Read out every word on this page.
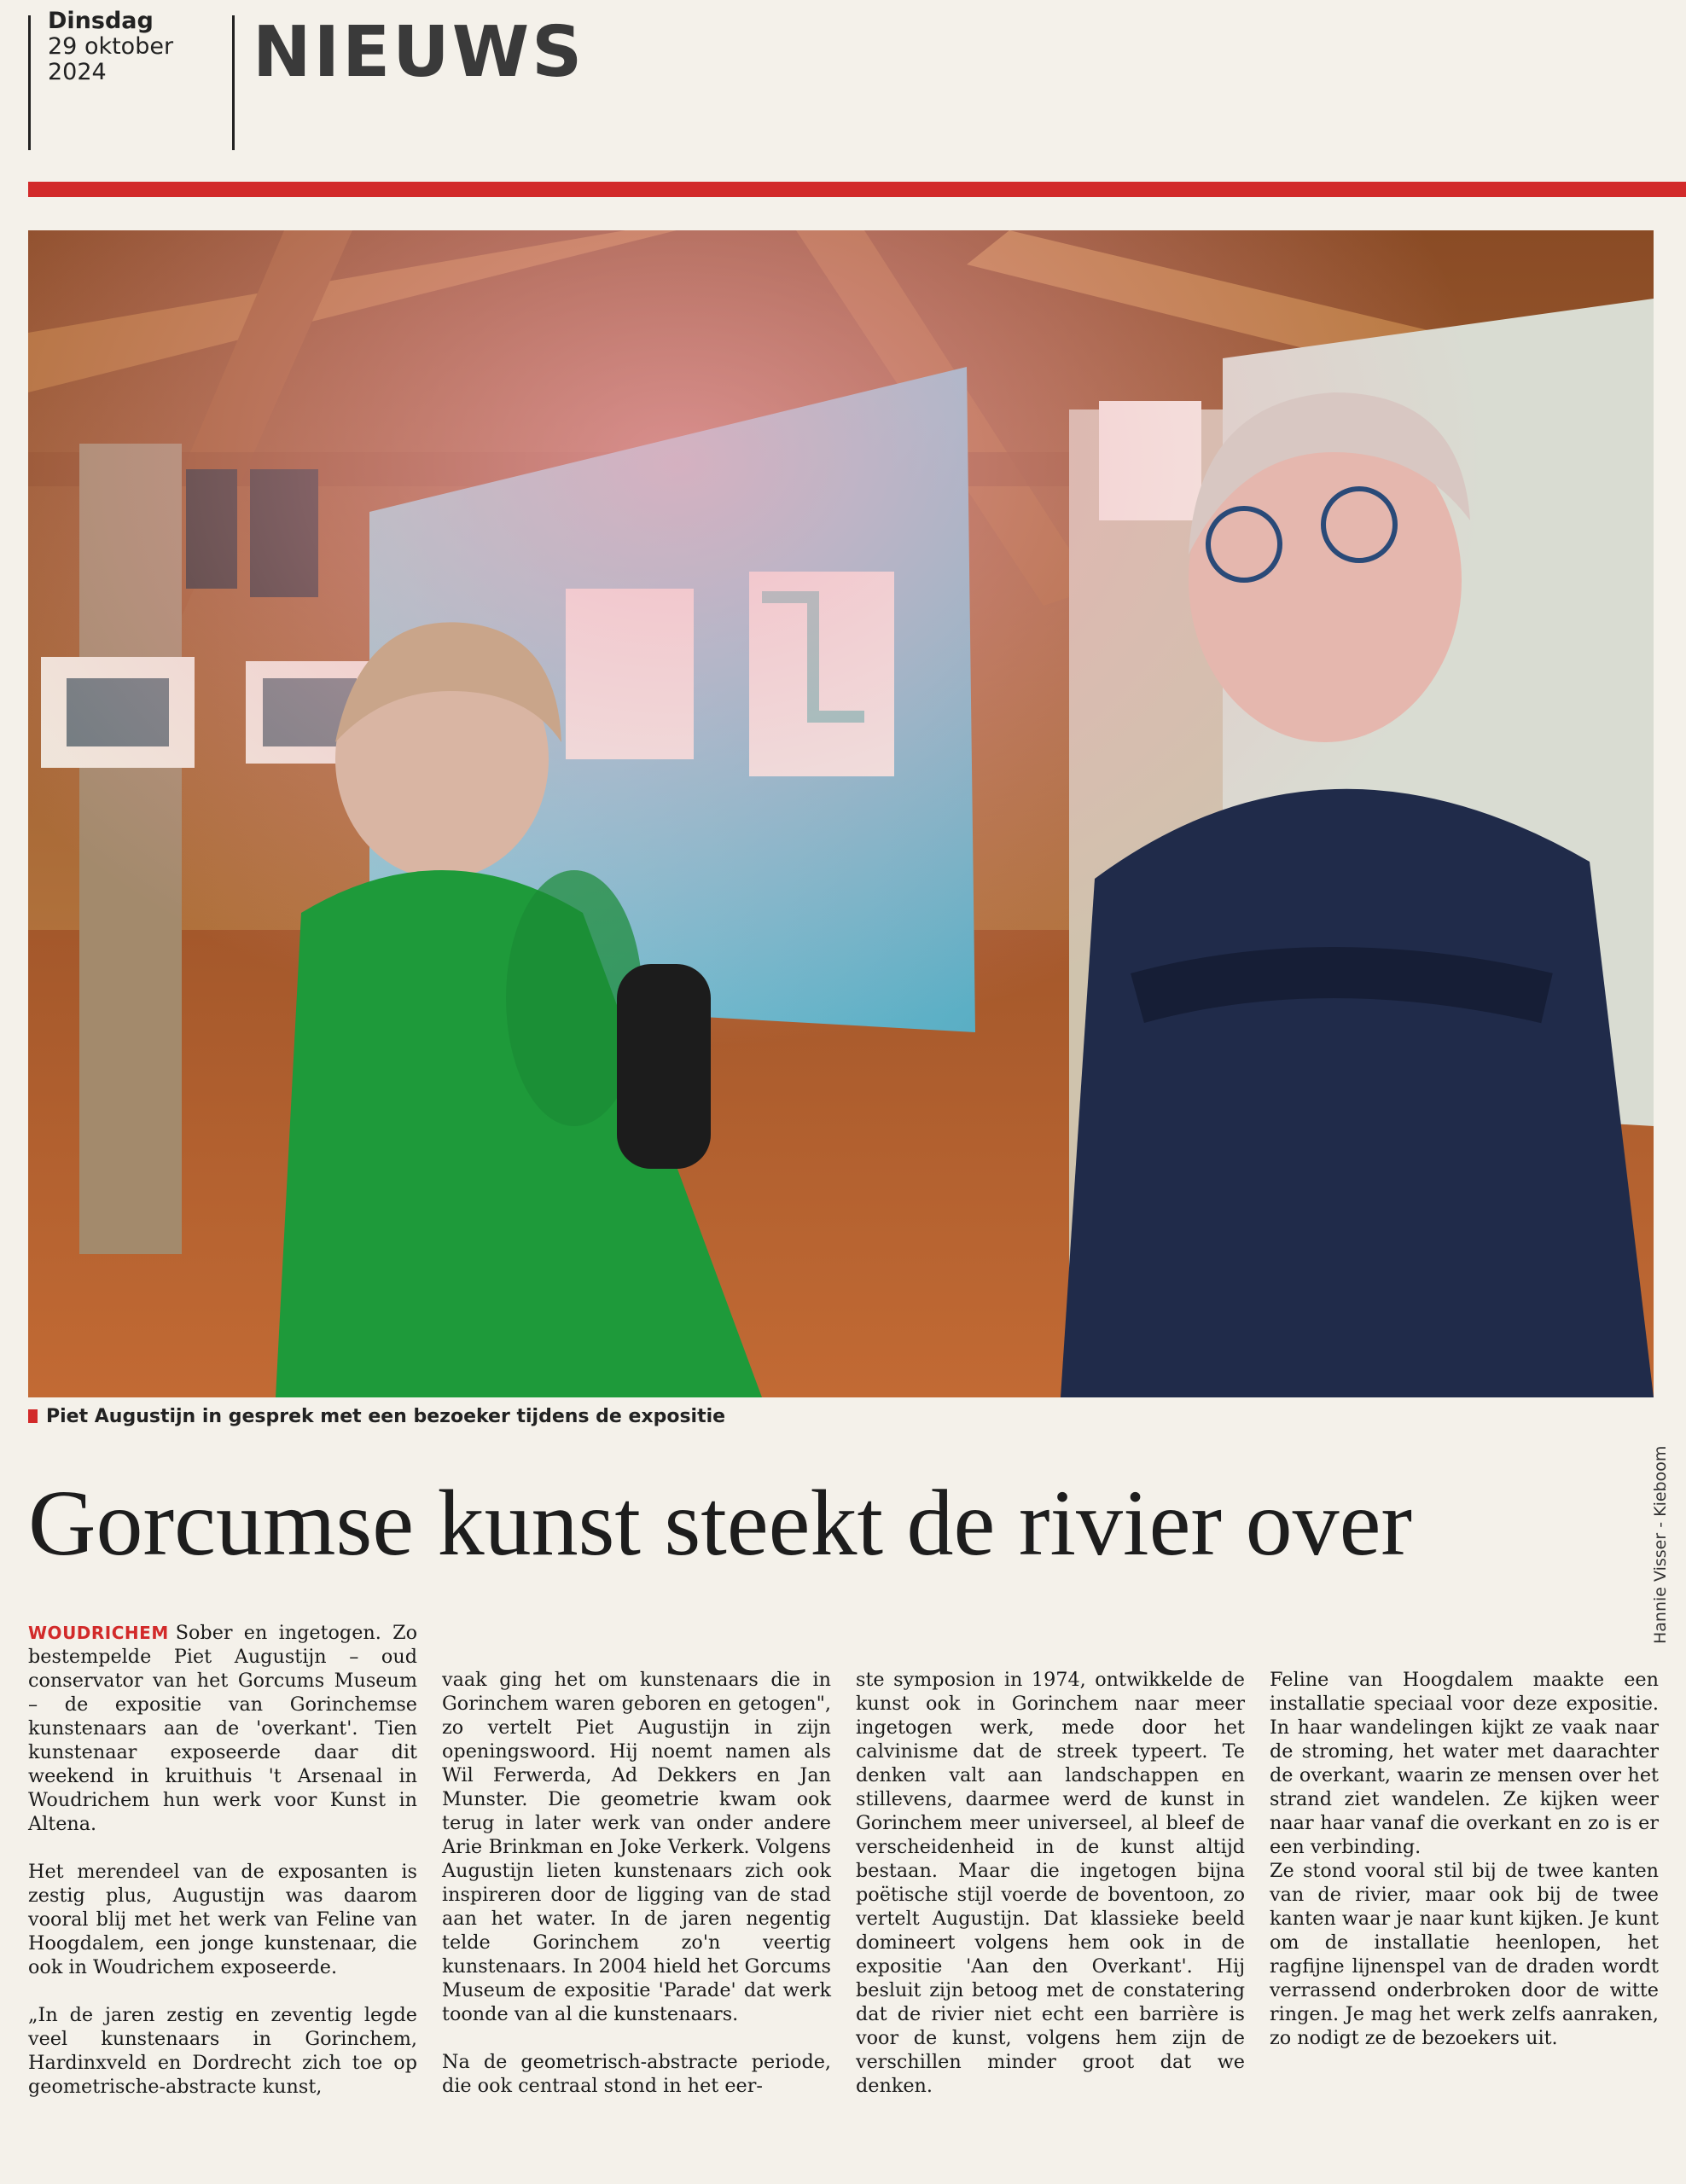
Dinsdag
29 oktober
2024	NIEUWS
Hannie Visser - Kieboom
Piet Augustijn in gesprek met een bezoeker tijdens de expositie
Gorcumse kunst steekt de rivier over

WOUDRICHEM Sober en ingetogen. Zo bestempelde Piet Augustijn – oud conservator van het Gorcums Museum – de expositie van Gorinchemse kunstenaars aan de 'overkant'. Tien kunstenaar exposeerde daar dit weekend in kruithuis 't Arsenaal in Woudrichem hun werk voor Kunst in Altena.

Het merendeel van de exposanten is zestig plus, Augustijn was daarom vooral blij met het werk van Feline van Hoogdalem, een jonge kunstenaar, die ook in Woudrichem exposeerde.

„In de jaren zestig en zeventig legde veel kunstenaars in Gorinchem, Hardinxveld en Dordrecht zich toe op geometrische-abstracte kunst,

vaak ging het om kunstenaars die in Gorinchem waren geboren en getogen", zo vertelt Piet Augustijn in zijn openingswoord. Hij noemt namen als Wil Ferwerda, Ad Dekkers en Jan Munster. Die geometrie kwam ook terug in later werk van onder andere Arie Brinkman en Joke Verkerk. Volgens Augustijn lieten kunstenaars zich ook inspireren door de ligging van de stad aan het water. In de jaren negentig telde Gorinchem zo'n veertig kunstenaars. In 2004 hield het Gorcums Museum de expositie 'Parade' dat werk toonde van al die kunstenaars.

Na de geometrisch-abstracte periode, die ook centraal stond in het eer-

ste symposion in 1974, ontwikkelde de kunst ook in Gorinchem naar meer ingetogen werk, mede door het calvinisme dat de streek typeert. Te denken valt aan landschappen en stillevens, daarmee werd de kunst in Gorinchem meer universeel, al bleef de verscheidenheid in de kunst altijd bestaan. Maar die ingetogen bijna poëtische stijl voerde de boventoon, zo vertelt Augustijn. Dat klassieke beeld domineert volgens hem ook in de expositie 'Aan den Overkant'. Hij besluit zijn betoog met de constatering dat de rivier niet echt een barrière is voor de kunst, volgens hem zijn de verschillen minder groot dat we denken.

Feline van Hoogdalem maakte een installatie speciaal voor deze expositie. In haar wandelingen kijkt ze vaak naar de stroming, het water met daarachter de overkant, waarin ze mensen over het strand ziet wandelen. Ze kijken weer naar haar vanaf die overkant en zo is er een verbinding.

Ze stond vooral stil bij de twee kanten van de rivier, maar ook bij de twee kanten waar je naar kunt kijken. Je kunt om de installatie heenlopen, het ragfijne lijnenspel van de draden wordt verrassend onderbroken door de witte ringen. Je mag het werk zelfs aanraken, zo nodigt ze de bezoekers uit.
